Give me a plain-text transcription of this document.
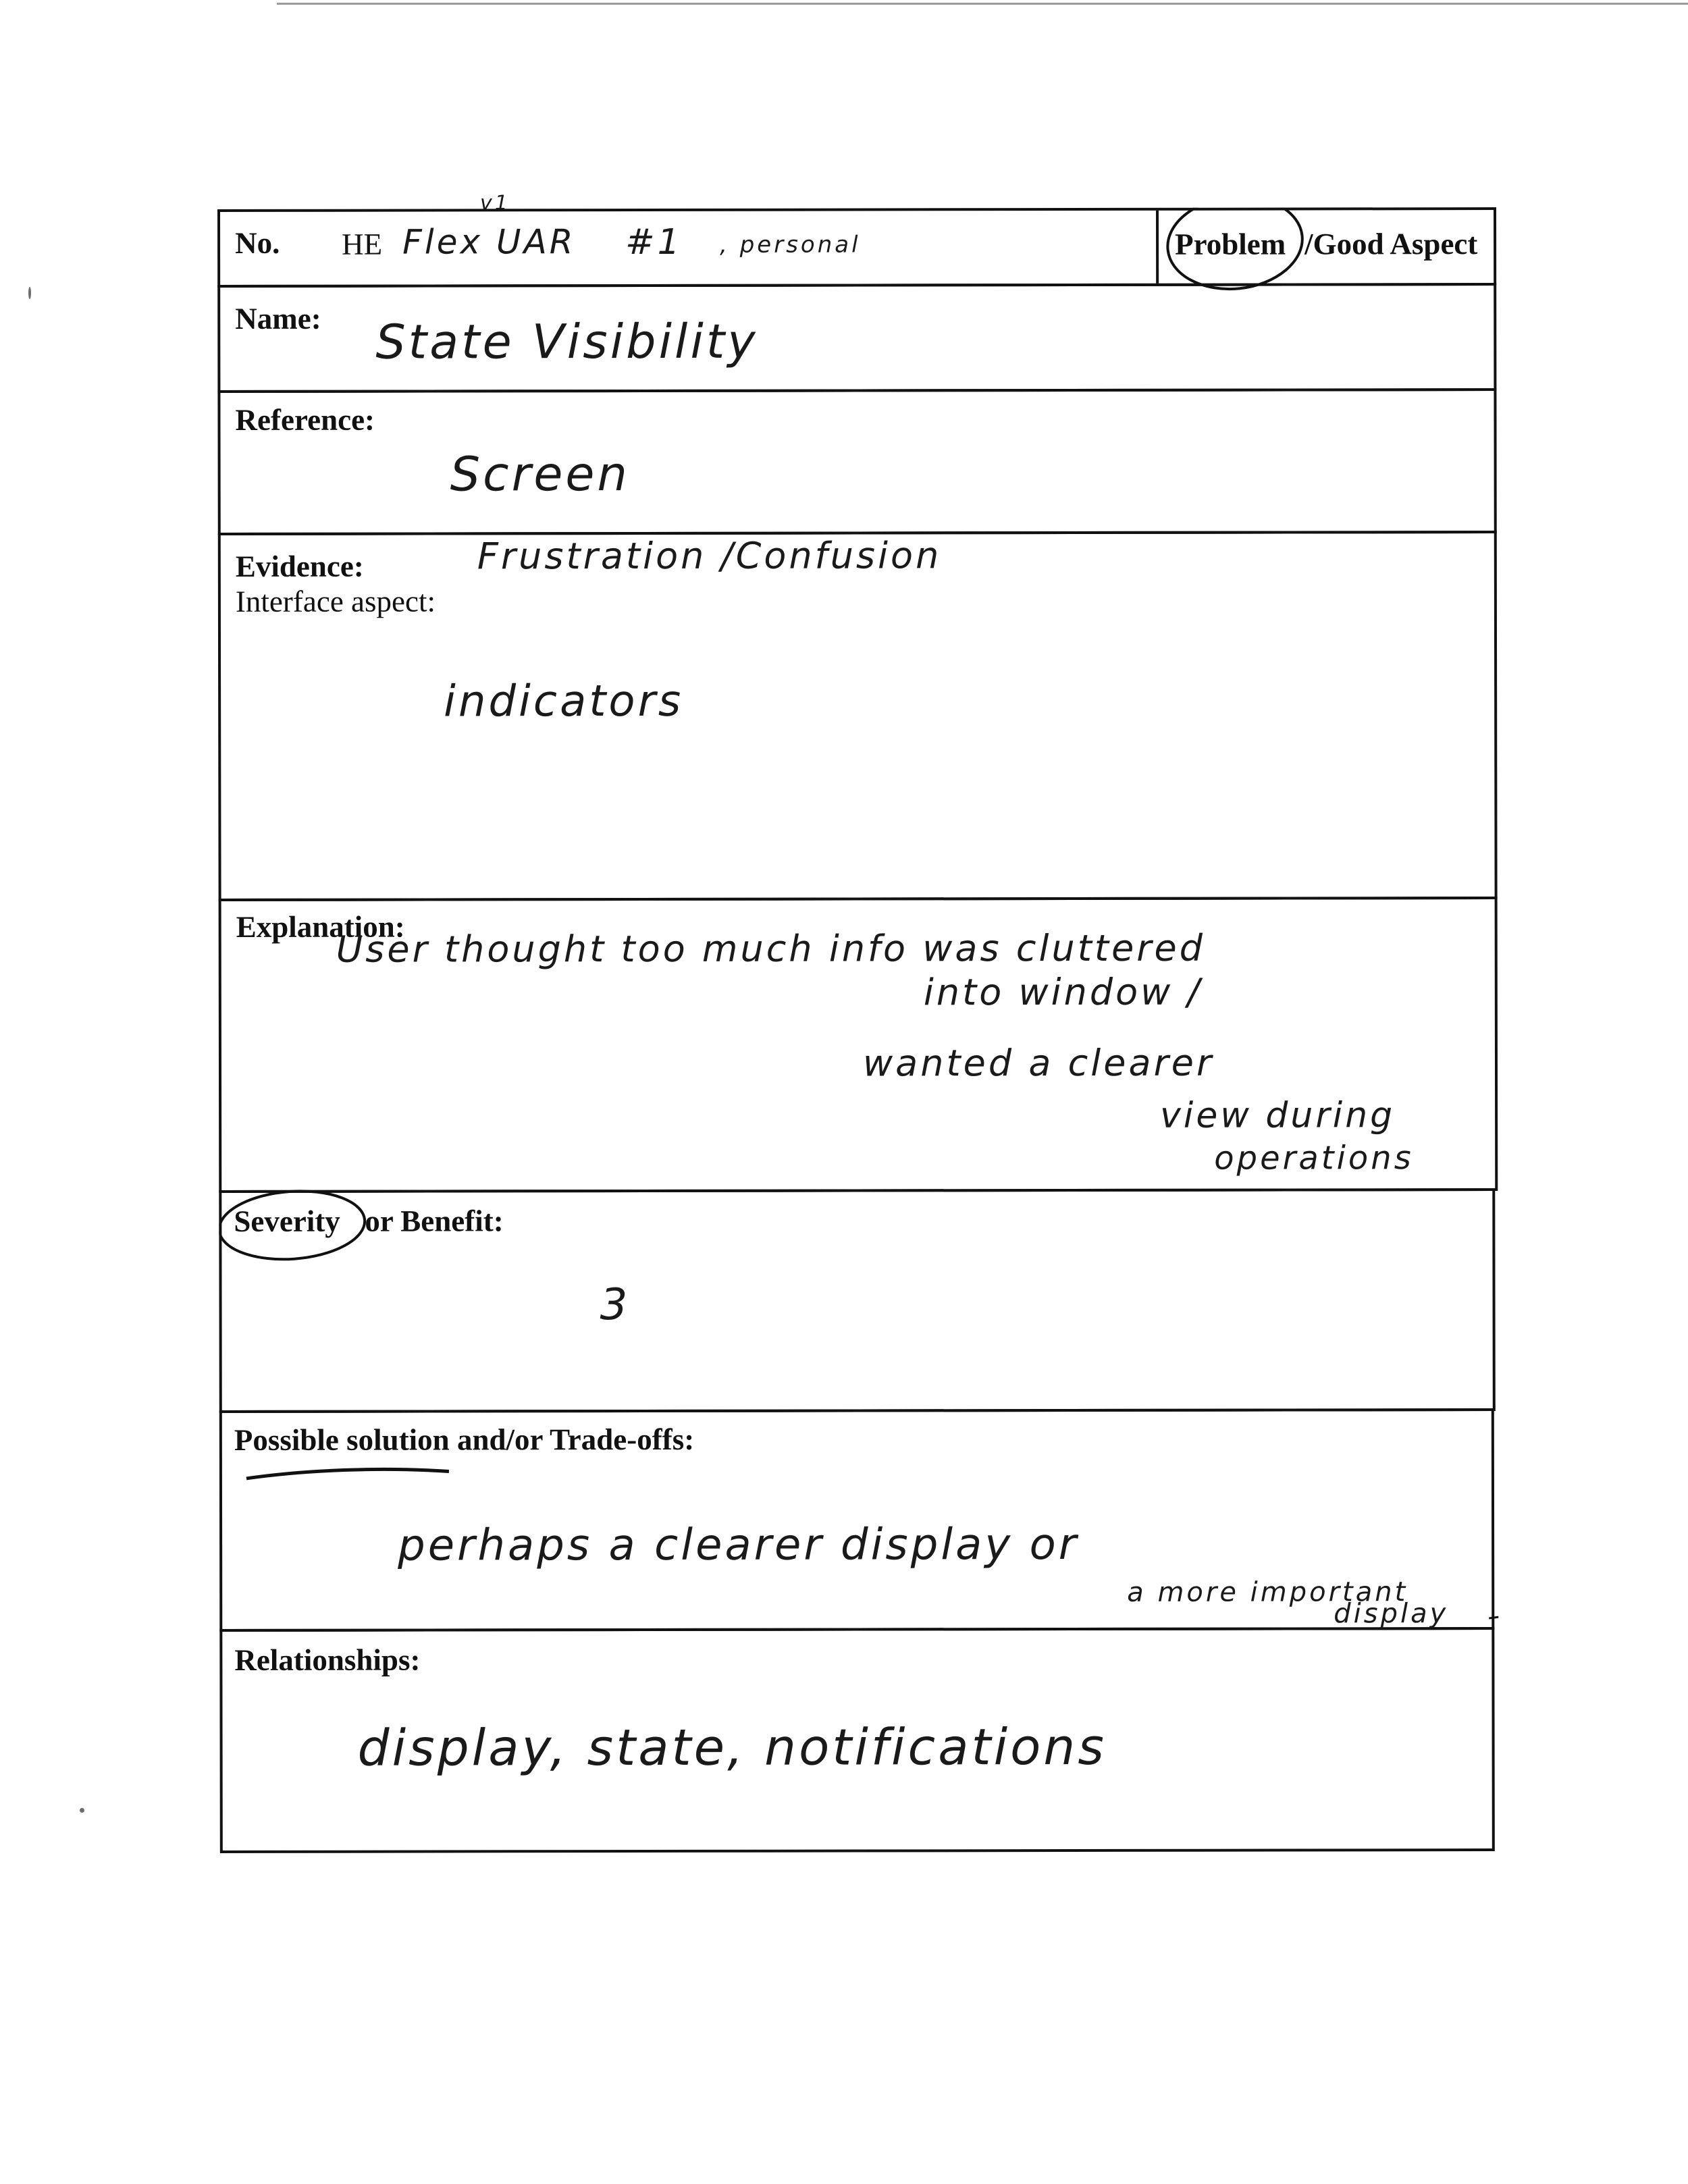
No. HE Flex UAR
v1
#1 , personal	Problem /Good Aspect
Name: State Visibility
Reference:
Screen
Evidence:
Interface aspect:
Frustration /Confusion
indicators
Explanation:
User thought too much info was cluttered
into window /
wanted a clearer
view during
operations
Severity or Benefit:
3
Possible solution and/or Trade-offs:
perhaps a clearer display or
a more important
Relationships:
display, state, notifications
display
